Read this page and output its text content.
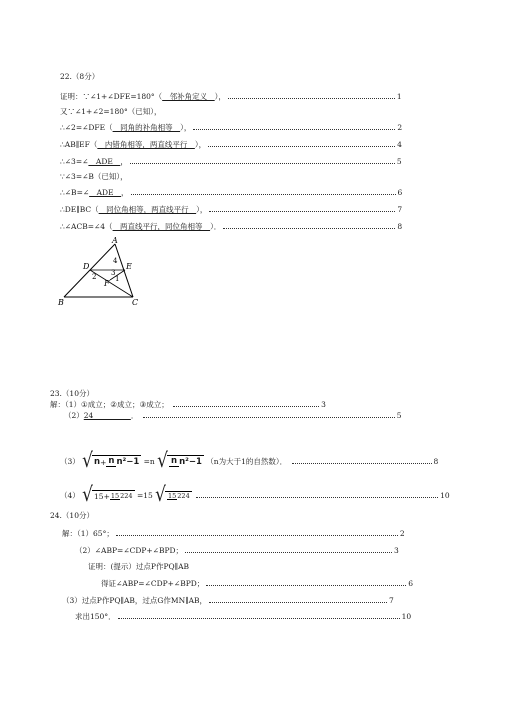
22.（8分）
证明：∵∠1+∠DFE=180°（　邻补角定义　），	1
又∵∠1+∠2=180°（已知），
∴∠2=∠DFE（　同角的补角相等　），	2
∴AB∥EF（　内错角相等，两直线平行　），	4
∴∠3=∠　ADE　，	5
∵∠3=∠B（已知），
∴∠B=∠　ADE　，	6
∴DE∥BC（　同位角相等，两直线平行　），	7
∴∠ACB=∠4（　两直线平行，同位角相等　）．	8
A
B	C
D	E
F 1
2 3
4
23.（10分）
解：（1）①成立；②成立；③成立；	3
（2）24　　　　　．	5
（3） √ n + n n²−1 =n √ n n²−1 （n为大于1的自然数）．	8
（4） √ 15 + 15224 =15 √ 15224	10
24.（10分）
解：（1）65°；	2
（2）∠ABP=∠CDP+∠BPD；	3
证明：(提示）过点P作PQ∥AB
得证∠ABP=∠CDP+∠BPD；	6
（3）过点P作PQ∥AB，过点G作MN∥AB，	7
求出150°．	10
